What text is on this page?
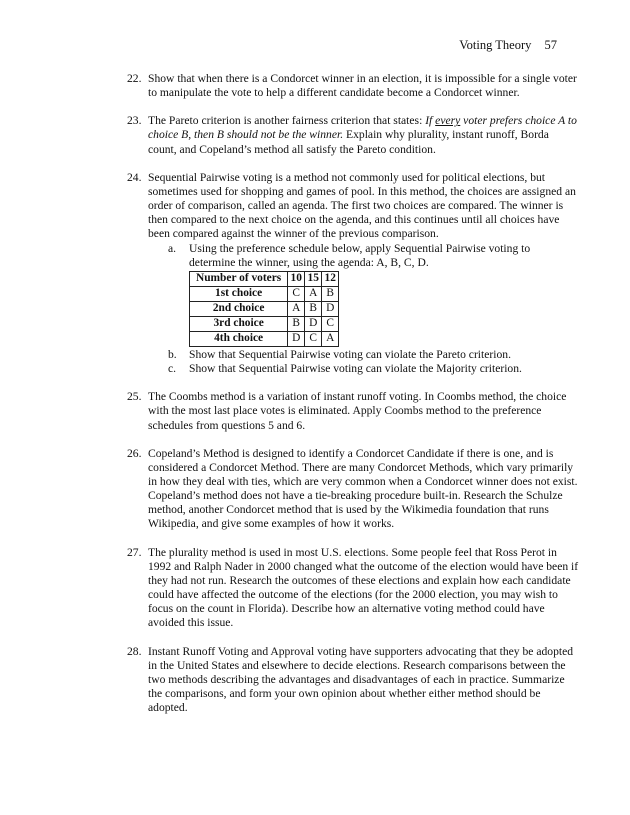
Voting Theory 57
22. Show that when there is a Condorcet winner in an election, it is impossible for a single voter to manipulate the vote to help a different candidate become a Condorcet winner.

23. The Pareto criterion is another fairness criterion that states: If every voter prefers choice A to choice B, then B should not be the winner. Explain why plurality, instant runoff, Borda count, and Copeland’s method all satisfy the Pareto condition.

24. Sequential Pairwise voting is a method not commonly used for political elections, but sometimes used for shopping and games of pool. In this method, the choices are assigned an order of comparison, called an agenda. The first two choices are compared. The winner is then compared to the next choice on the agenda, and this continues until all choices have been compared against the winner of the previous comparison.

a. Using the preference schedule below, apply Sequential Pairwise voting to determine the winner, using the agenda: A, B, C, D.

Number of voters	10	15	12
1st choice	C	A	B
2nd choice	A	B	D
3rd choice	B	D	C
4th choice	D	C	A
b. Show that Sequential Pairwise voting can violate the Pareto criterion.

c. Show that Sequential Pairwise voting can violate the Majority criterion.

25. The Coombs method is a variation of instant runoff voting. In Coombs method, the choice with the most last place votes is eliminated. Apply Coombs method to the preference schedules from questions 5 and 6.

26. Copeland’s Method is designed to identify a Condorcet Candidate if there is one, and is considered a Condorcet Method. There are many Condorcet Methods, which vary primarily in how they deal with ties, which are very common when a Condorcet winner does not exist. Copeland’s method does not have a tie-breaking procedure built-in. Research the Schulze method, another Condorcet method that is used by the Wikimedia foundation that runs Wikipedia, and give some examples of how it works.

27. The plurality method is used in most U.S. elections. Some people feel that Ross Perot in 1992 and Ralph Nader in 2000 changed what the outcome of the election would have been if they had not run. Research the outcomes of these elections and explain how each candidate could have affected the outcome of the elections (for the 2000 election, you may wish to focus on the count in Florida). Describe how an alternative voting method could have avoided this issue.

28. Instant Runoff Voting and Approval voting have supporters advocating that they be adopted in the United States and elsewhere to decide elections. Research comparisons between the two methods describing the advantages and disadvantages of each in practice. Summarize the comparisons, and form your own opinion about whether either method should be adopted.
